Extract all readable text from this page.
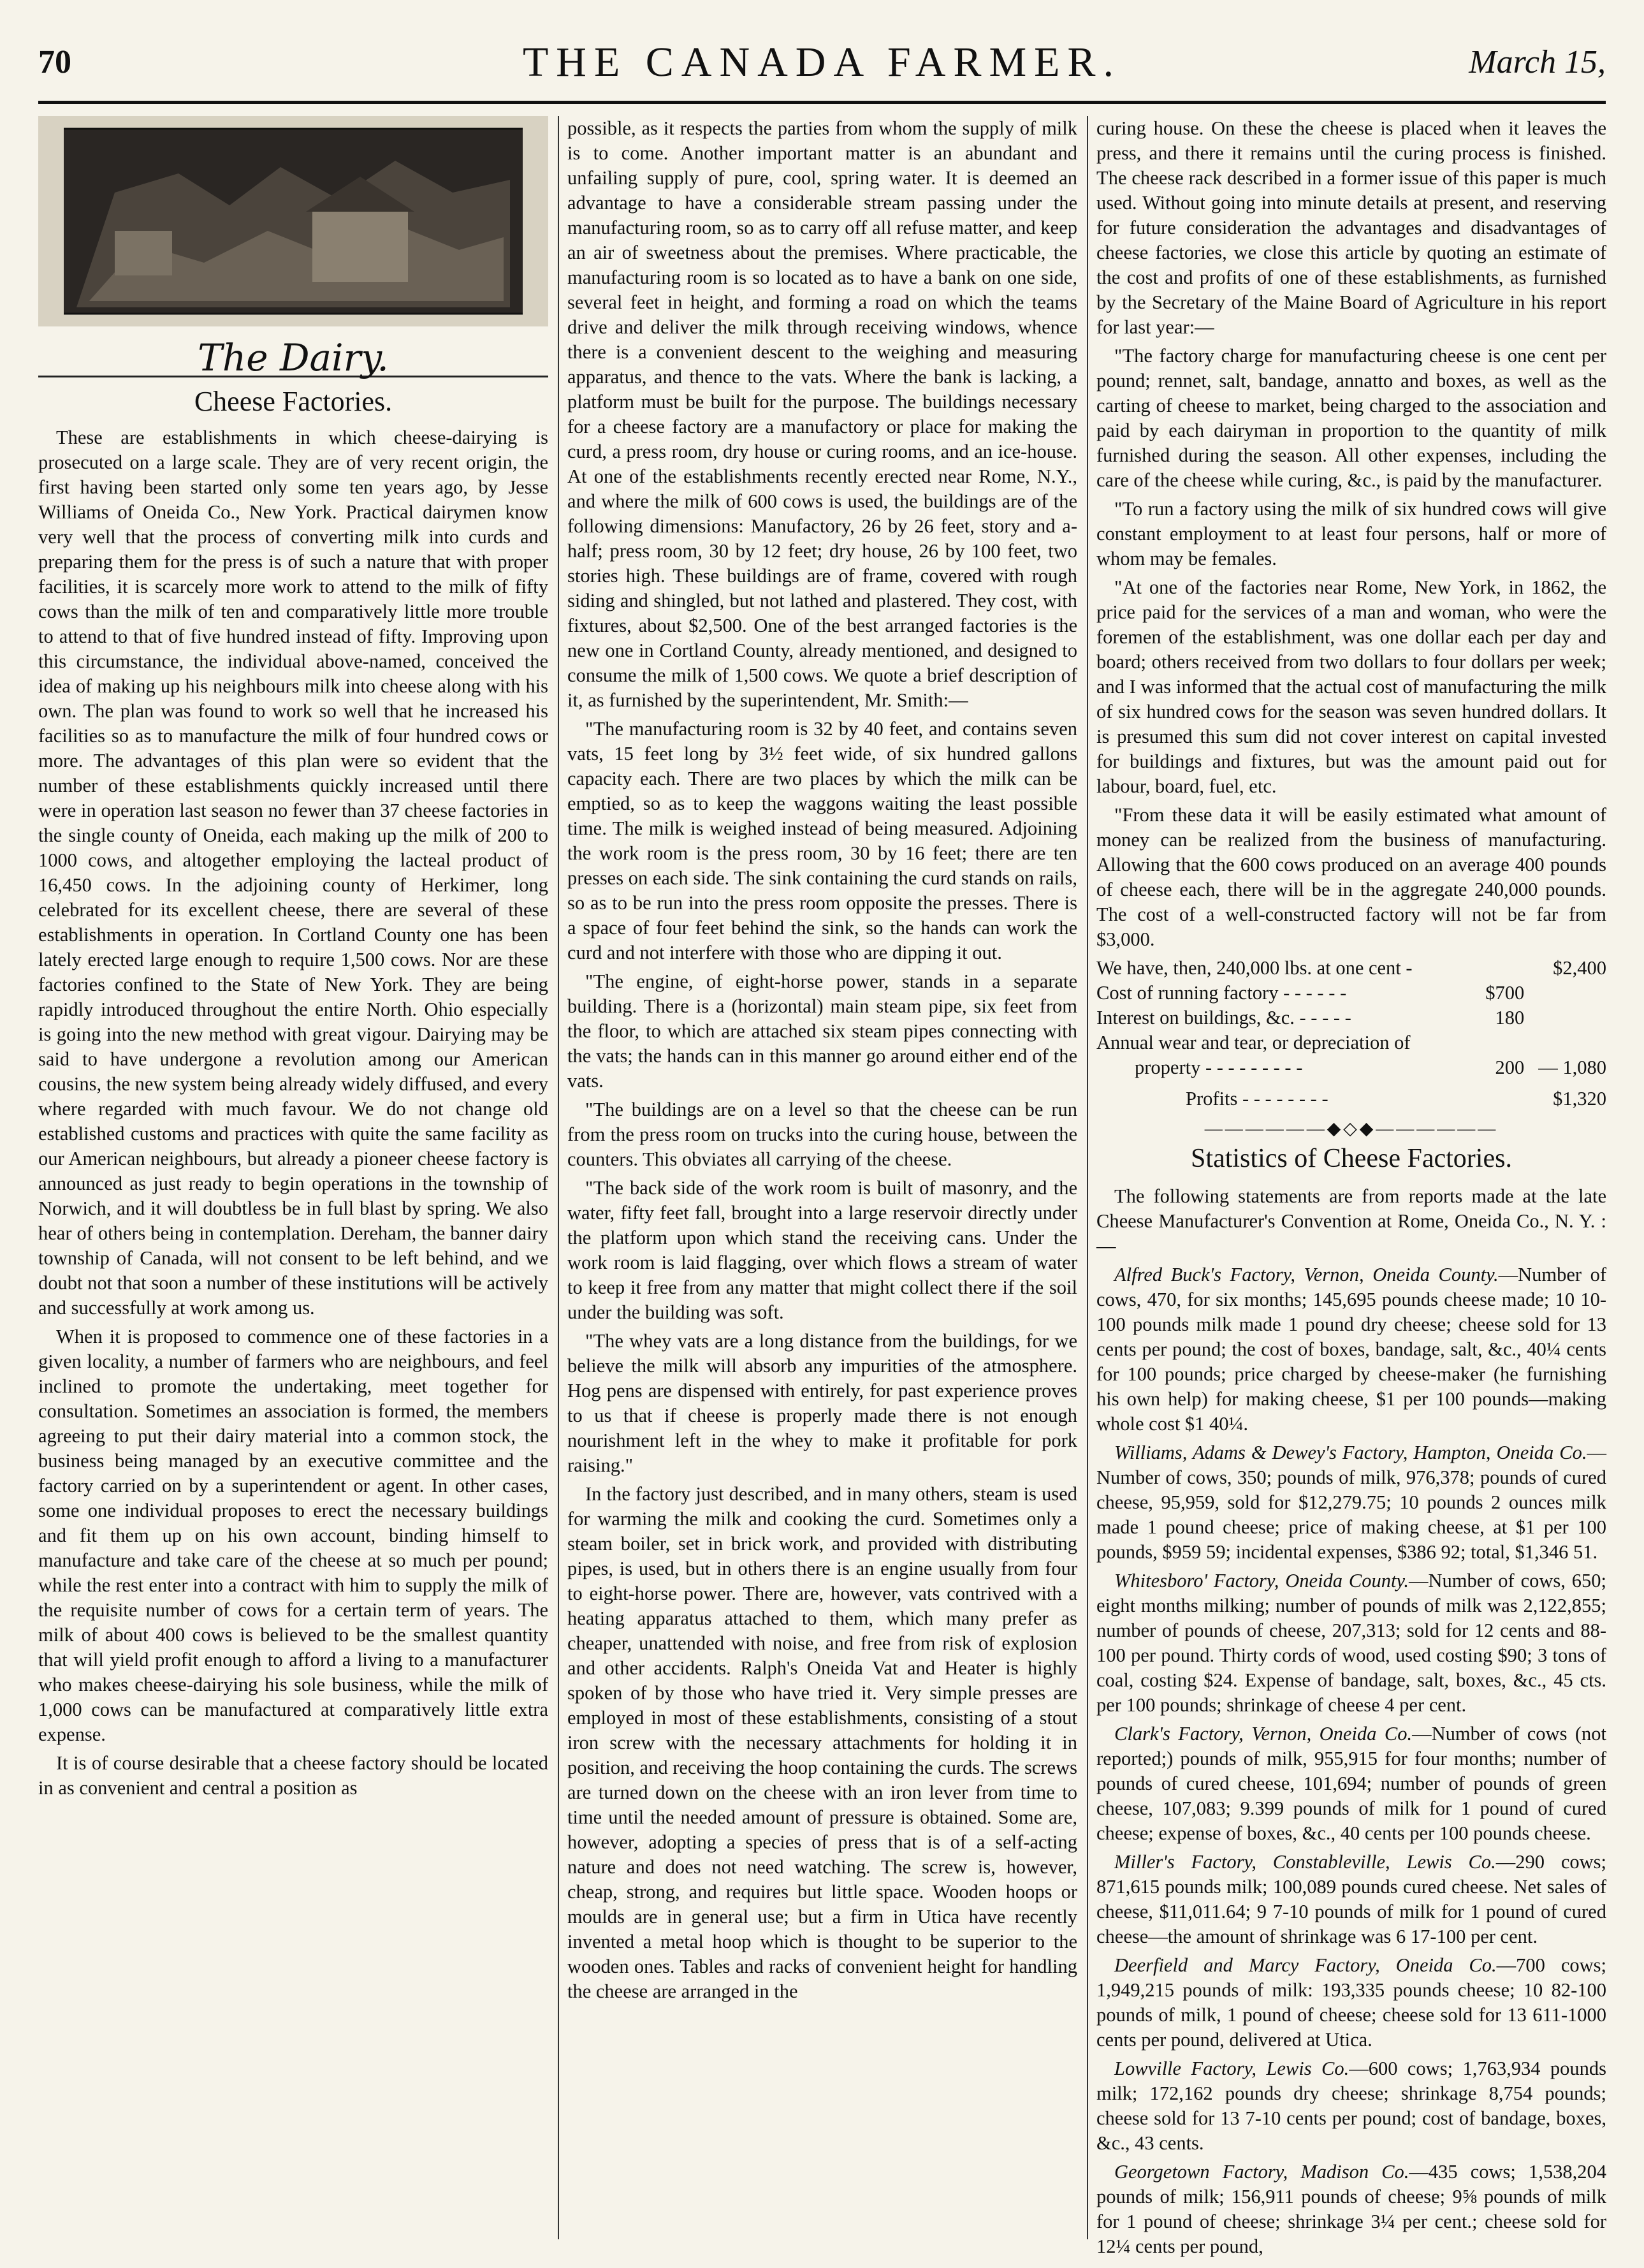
70	THE CANADA FARMER.	March 15,
The Dairy.
Cheese Factories.

These are establishments in which cheese-dairying is prosecuted on a large scale. They are of very recent origin, the first having been started only some ten years ago, by Jesse Williams of Oneida Co., New York. Practical dairymen know very well that the process of converting milk into curds and preparing them for the press is of such a nature that with proper facilities, it is scarcely more work to attend to the milk of fifty cows than the milk of ten and comparatively little more trouble to attend to that of five hundred instead of fifty. Improving upon this circumstance, the individual above-named, conceived the idea of making up his neighbours milk into cheese along with his own. The plan was found to work so well that he increased his facilities so as to manufacture the milk of four hundred cows or more. The advantages of this plan were so evident that the number of these establishments quickly increased until there were in operation last season no fewer than 37 cheese factories in the single county of Oneida, each making up the milk of 200 to 1000 cows, and altogether employing the lacteal product of 16,450 cows. In the adjoining county of Herkimer, long celebrated for its excellent cheese, there are several of these establishments in operation. In Cortland County one has been lately erected large enough to require 1,500 cows. Nor are these factories confined to the State of New York. They are being rapidly introduced throughout the entire North. Ohio especially is going into the new method with great vigour. Dairying may be said to have undergone a revolution among our American cousins, the new system being already widely diffused, and every where regarded with much favour. We do not change old established customs and practices with quite the same facility as our American neighbours, but already a pioneer cheese factory is announced as just ready to begin operations in the township of Norwich, and it will doubtless be in full blast by spring. We also hear of others being in contemplation. Dereham, the banner dairy township of Canada, will not consent to be left behind, and we doubt not that soon a number of these institutions will be actively and successfully at work among us.

When it is proposed to commence one of these factories in a given locality, a number of farmers who are neighbours, and feel inclined to promote the undertaking, meet together for consultation. Sometimes an association is formed, the members agreeing to put their dairy material into a common stock, the business being managed by an executive committee and the factory carried on by a superintendent or agent. In other cases, some one individual proposes to erect the necessary buildings and fit them up on his own account, binding himself to manufacture and take care of the cheese at so much per pound; while the rest enter into a contract with him to supply the milk of the requisite number of cows for a certain term of years. The milk of about 400 cows is believed to be the smallest quantity that will yield profit enough to afford a living to a manufacturer who makes cheese-dairying his sole business, while the milk of 1,000 cows can be manufactured at comparatively little extra expense.

It is of course desirable that a cheese factory should be located in as convenient and central a position as

possible, as it respects the parties from whom the supply of milk is to come. Another important matter is an abundant and unfailing supply of pure, cool, spring water. It is deemed an advantage to have a considerable stream passing under the manufacturing room, so as to carry off all refuse matter, and keep an air of sweetness about the premises. Where practicable, the manufacturing room is so located as to have a bank on one side, several feet in height, and forming a road on which the teams drive and deliver the milk through receiving windows, whence there is a convenient descent to the weighing and measuring apparatus, and thence to the vats. Where the bank is lacking, a platform must be built for the purpose. The buildings necessary for a cheese factory are a manufactory or place for making the curd, a press room, dry house or curing rooms, and an ice-house. At one of the establishments recently erected near Rome, N.Y., and where the milk of 600 cows is used, the buildings are of the following dimensions: Manufactory, 26 by 26 feet, story and a-half; press room, 30 by 12 feet; dry house, 26 by 100 feet, two stories high. These buildings are of frame, covered with rough siding and shingled, but not lathed and plastered. They cost, with fixtures, about $2,500. One of the best arranged factories is the new one in Cortland County, already mentioned, and designed to consume the milk of 1,500 cows. We quote a brief description of it, as furnished by the superintendent, Mr. Smith:—

"The manufacturing room is 32 by 40 feet, and contains seven vats, 15 feet long by 3½ feet wide, of six hundred gallons capacity each. There are two places by which the milk can be emptied, so as to keep the waggons waiting the least possible time. The milk is weighed instead of being measured. Adjoining the work room is the press room, 30 by 16 feet; there are ten presses on each side. The sink containing the curd stands on rails, so as to be run into the press room opposite the presses. There is a space of four feet behind the sink, so the hands can work the curd and not interfere with those who are dipping it out.

"The engine, of eight-horse power, stands in a separate building. There is a (horizontal) main steam pipe, six feet from the floor, to which are attached six steam pipes connecting with the vats; the hands can in this manner go around either end of the vats.

"The buildings are on a level so that the cheese can be run from the press room on trucks into the curing house, between the counters. This obviates all carrying of the cheese.

"The back side of the work room is built of masonry, and the water, fifty feet fall, brought into a large reservoir directly under the platform upon which stand the receiving cans. Under the work room is laid flagging, over which flows a stream of water to keep it free from any matter that might collect there if the soil under the building was soft.

"The whey vats are a long distance from the buildings, for we believe the milk will absorb any impurities of the atmosphere. Hog pens are dispensed with entirely, for past experience proves to us that if cheese is properly made there is not enough nourishment left in the whey to make it profitable for pork raising."

In the factory just described, and in many others, steam is used for warming the milk and cooking the curd. Sometimes only a steam boiler, set in brick work, and provided with distributing pipes, is used, but in others there is an engine usually from four to eight-horse power. There are, however, vats contrived with a heating apparatus attached to them, which many prefer as cheaper, unattended with noise, and free from risk of explosion and other accidents. Ralph's Oneida Vat and Heater is highly spoken of by those who have tried it. Very simple presses are employed in most of these establishments, consisting of a stout iron screw with the necessary attachments for holding it in position, and receiving the hoop containing the curds. The screws are turned down on the cheese with an iron lever from time to time until the needed amount of pressure is obtained. Some are, however, adopting a species of press that is of a self-acting nature and does not need watching. The screw is, however, cheap, strong, and requires but little space. Wooden hoops or moulds are in general use; but a firm in Utica have recently invented a metal hoop which is thought to be superior to the wooden ones. Tables and racks of convenient height for handling the cheese are arranged in the

curing house. On these the cheese is placed when it leaves the press, and there it remains until the curing process is finished. The cheese rack described in a former issue of this paper is much used. Without going into minute details at present, and reserving for future consideration the advantages and disadvantages of cheese factories, we close this article by quoting an estimate of the cost and profits of one of these establishments, as furnished by the Secretary of the Maine Board of Agriculture in his report for last year:—

"The factory charge for manufacturing cheese is one cent per pound; rennet, salt, bandage, annatto and boxes, as well as the carting of cheese to market, being charged to the association and paid by each dairyman in proportion to the quantity of milk furnished during the season. All other expenses, including the care of the cheese while curing, &c., is paid by the manufacturer.

"To run a factory using the milk of six hundred cows will give constant employment to at least four persons, half or more of whom may be females.

"At one of the factories near Rome, New York, in 1862, the price paid for the services of a man and woman, who were the foremen of the establishment, was one dollar each per day and board; others received from two dollars to four dollars per week; and I was informed that the actual cost of manufacturing the milk of six hundred cows for the season was seven hundred dollars. It is presumed this sum did not cover interest on capital invested for buildings and fixtures, but was the amount paid out for labour, board, fuel, etc.

"From these data it will be easily estimated what amount of money can be realized from the business of manufacturing. Allowing that the 600 cows produced on an average 400 pounds of cheese each, there will be in the aggregate 240,000 pounds. The cost of a well-constructed factory will not be far from $3,000.

We have, then, 240,000 lbs. at one cent -		$2,400
Cost of running factory - - - - - -	$700	
Interest on buildings, &c. - - - - -	180	
Annual wear and tear, or depreciation of		
property - - - - - - - - -	200	— 1,080
Profits - - - - - - - -		$1,320
——————◆◇◆——————
Statistics of Cheese Factories.

The following statements are from reports made at the late Cheese Manufacturer's Convention at Rome, Oneida Co., N. Y. :—

Alfred Buck's Factory, Vernon, Oneida County.—Number of cows, 470, for six months; 145,695 pounds cheese made; 10 10-100 pounds milk made 1 pound dry cheese; cheese sold for 13 cents per pound; the cost of boxes, bandage, salt, &c., 40¼ cents for 100 pounds; price charged by cheese-maker (he furnishing his own help) for making cheese, $1 per 100 pounds—making whole cost $1 40¼.

Williams, Adams & Dewey's Factory, Hampton, Oneida Co.—Number of cows, 350; pounds of milk, 976,378; pounds of cured cheese, 95,959, sold for $12,279.75; 10 pounds 2 ounces milk made 1 pound cheese; price of making cheese, at $1 per 100 pounds, $959 59; incidental expenses, $386 92; total, $1,346 51.

Whitesboro' Factory, Oneida County.—Number of cows, 650; eight months milking; number of pounds of milk was 2,122,855; number of pounds of cheese, 207,313; sold for 12 cents and 88-100 per pound. Thirty cords of wood, used costing $90; 3 tons of coal, costing $24. Expense of bandage, salt, boxes, &c., 45 cts. per 100 pounds; shrinkage of cheese 4 per cent.

Clark's Factory, Vernon, Oneida Co.—Number of cows (not reported;) pounds of milk, 955,915 for four months; number of pounds of cured cheese, 101,694; number of pounds of green cheese, 107,083; 9.399 pounds of milk for 1 pound of cured cheese; expense of boxes, &c., 40 cents per 100 pounds cheese.

Miller's Factory, Constableville, Lewis Co.—290 cows; 871,615 pounds milk; 100,089 pounds cured cheese. Net sales of cheese, $11,011.64; 9 7-10 pounds of milk for 1 pound of cured cheese—the amount of shrinkage was 6 17-100 per cent.

Deerfield and Marcy Factory, Oneida Co.—700 cows; 1,949,215 pounds of milk: 193,335 pounds cheese; 10 82-100 pounds of milk, 1 pound of cheese; cheese sold for 13 611-1000 cents per pound, delivered at Utica.

Lowville Factory, Lewis Co.—600 cows; 1,763,934 pounds milk; 172,162 pounds dry cheese; shrinkage 8,754 pounds; cheese sold for 13 7-10 cents per pound; cost of bandage, boxes, &c., 43 cents.

Georgetown Factory, Madison Co.—435 cows; 1,538,204 pounds of milk; 156,911 pounds of cheese; 9⅝ pounds of milk for 1 pound of cheese; shrinkage 3¼ per cent.; cheese sold for 12¼ cents per pound,
